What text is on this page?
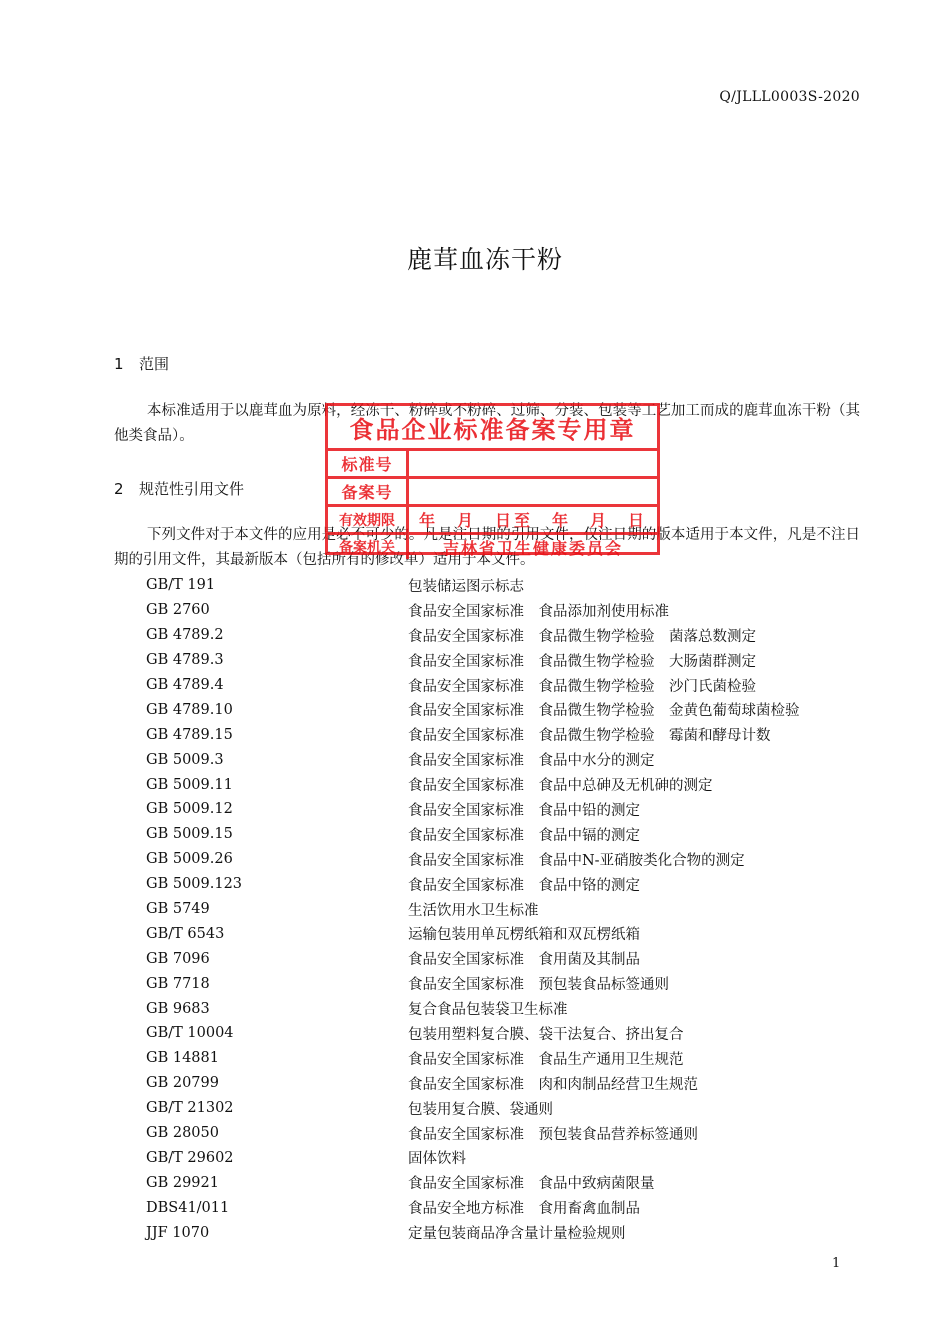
Q/JLLL0003S-2020
鹿茸血冻干粉
1 范围
本标准适用于以鹿茸血为原料，经冻干、粉碎或不粉碎、过筛、分装、包装等工艺加工而成的鹿茸血冻干粉（其他类食品）。
2 规范性引用文件
下列文件对于本文件的应用是必不可少的。凡是注日期的引用文件，仅注日期的版本适用于本文件，凡是不注日期的引用文件，其最新版本（包括所有的修改单）适用于本文件。
GB/T 191	包装储运图示标志
GB 2760	食品安全国家标准　食品添加剂使用标准
GB 4789.2	食品安全国家标准　食品微生物学检验　菌落总数测定
GB 4789.3	食品安全国家标准　食品微生物学检验　大肠菌群测定
GB 4789.4	食品安全国家标准　食品微生物学检验　沙门氏菌检验
GB 4789.10	食品安全国家标准　食品微生物学检验　金黄色葡萄球菌检验
GB 4789.15	食品安全国家标准　食品微生物学检验　霉菌和酵母计数
GB 5009.3	食品安全国家标准　食品中水分的测定
GB 5009.11	食品安全国家标准　食品中总砷及无机砷的测定
GB 5009.12	食品安全国家标准　食品中铅的测定
GB 5009.15	食品安全国家标准　食品中镉的测定
GB 5009.26	食品安全国家标准　食品中N-亚硝胺类化合物的测定
GB 5009.123	食品安全国家标准　食品中铬的测定
GB 5749	生活饮用水卫生标准
GB/T 6543	运输包装用单瓦楞纸箱和双瓦楞纸箱
GB 7096	食品安全国家标准　食用菌及其制品
GB 7718	食品安全国家标准　预包装食品标签通则
GB 9683	复合食品包装袋卫生标准
GB/T 10004	包装用塑料复合膜、袋干法复合、挤出复合
GB 14881	食品安全国家标准　食品生产通用卫生规范
GB 20799	食品安全国家标准　肉和肉制品经营卫生规范
GB/T 21302	包装用复合膜、袋通则
GB 28050	食品安全国家标准　预包装食品营养标签通则
GB/T 29602	固体饮料
GB 29921	食品安全国家标准　食品中致病菌限量
DBS41/011	食品安全地方标准　食用畜禽血制品
JJF 1070	定量包装商品净含量计量检验规则
食品企业标准备案专用章
标准号
备案号
有效期限	年　月　日至　年　月　日
备案机关	吉林省卫生健康委员会
1
